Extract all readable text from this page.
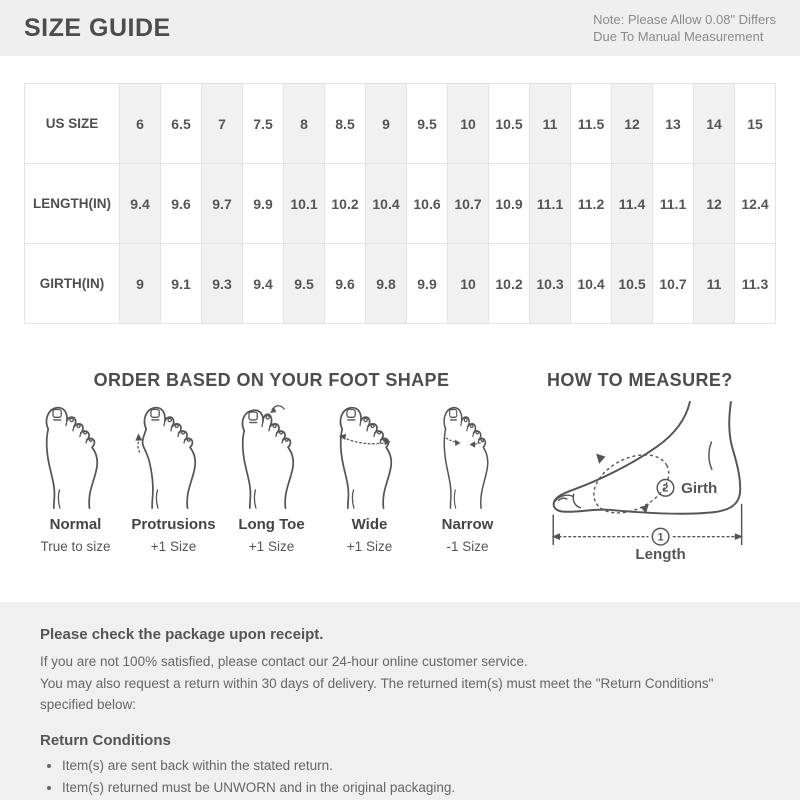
SIZE GUIDE	Note: Please Allow 0.08" Differs
Due To Manual Measurement
US SIZE	6	6.5	7	7.5	8	8.5	9	9.5	10	10.5	11	11.5	12	13	14	15
LENGTH(IN)	9.4	9.6	9.7	9.9	10.1	10.2	10.4	10.6	10.7	10.9	11.1	11.2	11.4	11.1	12	12.4
GIRTH(IN)	9	9.1	9.3	9.4	9.5	9.6	9.8	9.9	10	10.2	10.3	10.4	10.5	10.7	11	11.3
ORDER BASED ON YOUR FOOT SHAPE
Normal
True to size
Protrusions
+1 Size
Long Toe
+1 Size
Wide
+1 Size
Narrow
-1 Size
HOW TO MEASURE?
2 Girth
1
Length
Please check the package upon receipt.

If you are not 100% satisfied, please contact our 24-hour online customer service.

You may also request a return within 30 days of delivery. The returned item(s) must meet the "Return Conditions" specified below:

Return Conditions
• Item(s) are sent back within the stated return.
• Item(s) returned must be UNWORN and in the original packaging.
